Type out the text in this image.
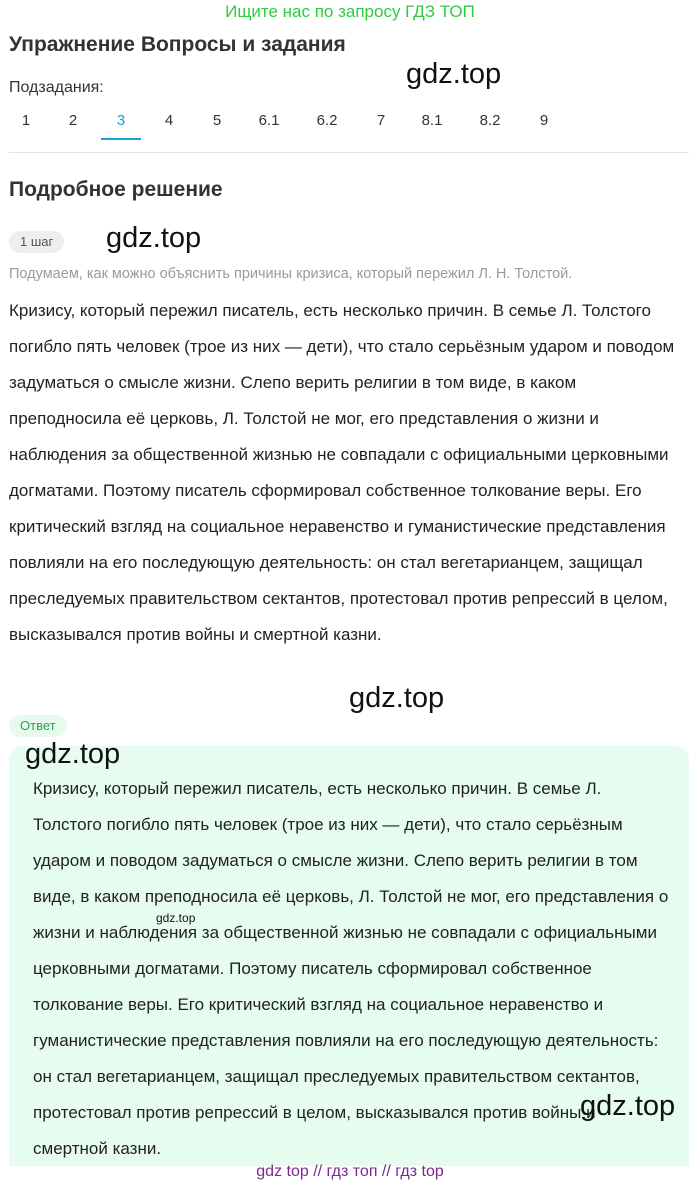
Ищите нас по запросу ГДЗ ТОП
Упражнение Вопросы и задания
Подзадания:	gdz.top
1	2	3	4	5	6.1	6.2	7	8.1	8.2	9
Подробное решение
1 шаг	gdz.top
Подумаем, как можно объяснить причины кризиса, который пережил Л. Н. Толстой.
Кризису, который пережил писатель, есть несколько причин. В семье Л. Толстого погибло пять человек (трое из них — дети), что стало серьёзным ударом и поводом задуматься о смысле жизни. Слепо верить религии в том виде, в каком преподносила её церковь, Л. Толстой не мог, его представления о жизни и наблюдения за общественной жизнью не совпадали с официальными церковными догматами. Поэтому писатель сформировал собственное толкование веры. Его критический взгляд на социальное неравенство и гуманистические представления повлияли на его последующую деятельность: он стал вегетарианцем, защищал преследуемых правительством сектантов, протестовал против репрессий в целом, высказывался против войны и смертной казни.
gdz.top
Ответ
Кризису, который пережил писатель, есть несколько причин. В семье Л. Толстого погибло пять человек (трое из них — дети), что стало серьёзным ударом и поводом задуматься о смысле жизни. Слепо верить религии в том виде, в каком преподносила её церковь, Л. Толстой не мог, его представления о жизни и наблюдения за общественной жизнью не совпадали с официальными церковными догматами. Поэтому писатель сформировал собственное толкование веры. Его критический взгляд на социальное неравенство и гуманистические представления повлияли на его последующую деятельность: он стал вегетарианцем, защищал преследуемых правительством сектантов, протестовал против репрессий в целом, высказывался против войны и смертной казни.
gdz.top
gdz.top
gdz.top
gdz top // гдз топ // гдз top
